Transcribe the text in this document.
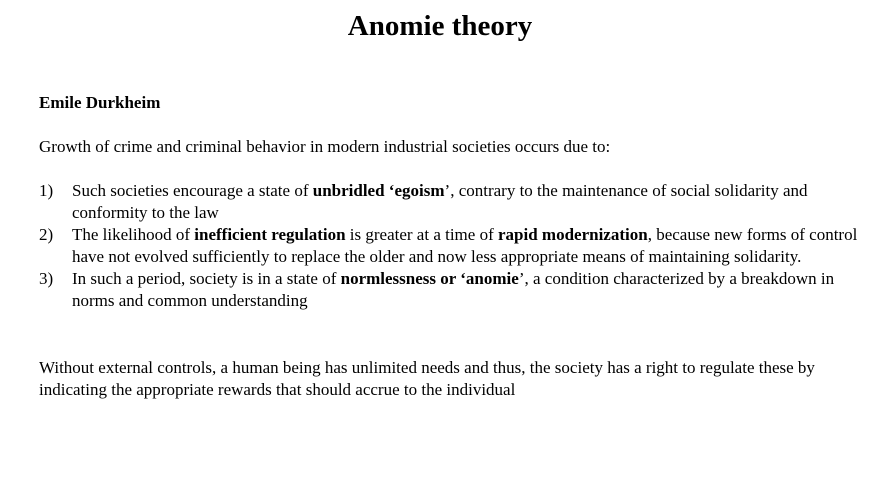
Anomie theory
Emile Durkheim
Growth of crime and criminal behavior in modern industrial societies occurs due to:
1) Such societies encourage a state of unbridled ‘egoism’, contrary to the maintenance of social solidarity and conformity to the law
2) The likelihood of inefficient regulation is greater at a time of rapid modernization, because new forms of control have not evolved sufficiently to replace the older and now less appropriate means of maintaining solidarity.
3) In such a period, society is in a state of normlessness or ‘anomie’, a condition characterized by a breakdown in norms and common understanding
Without external controls, a human being has unlimited needs and thus, the society has a right to regulate these by indicating the appropriate rewards that should accrue to the individual
